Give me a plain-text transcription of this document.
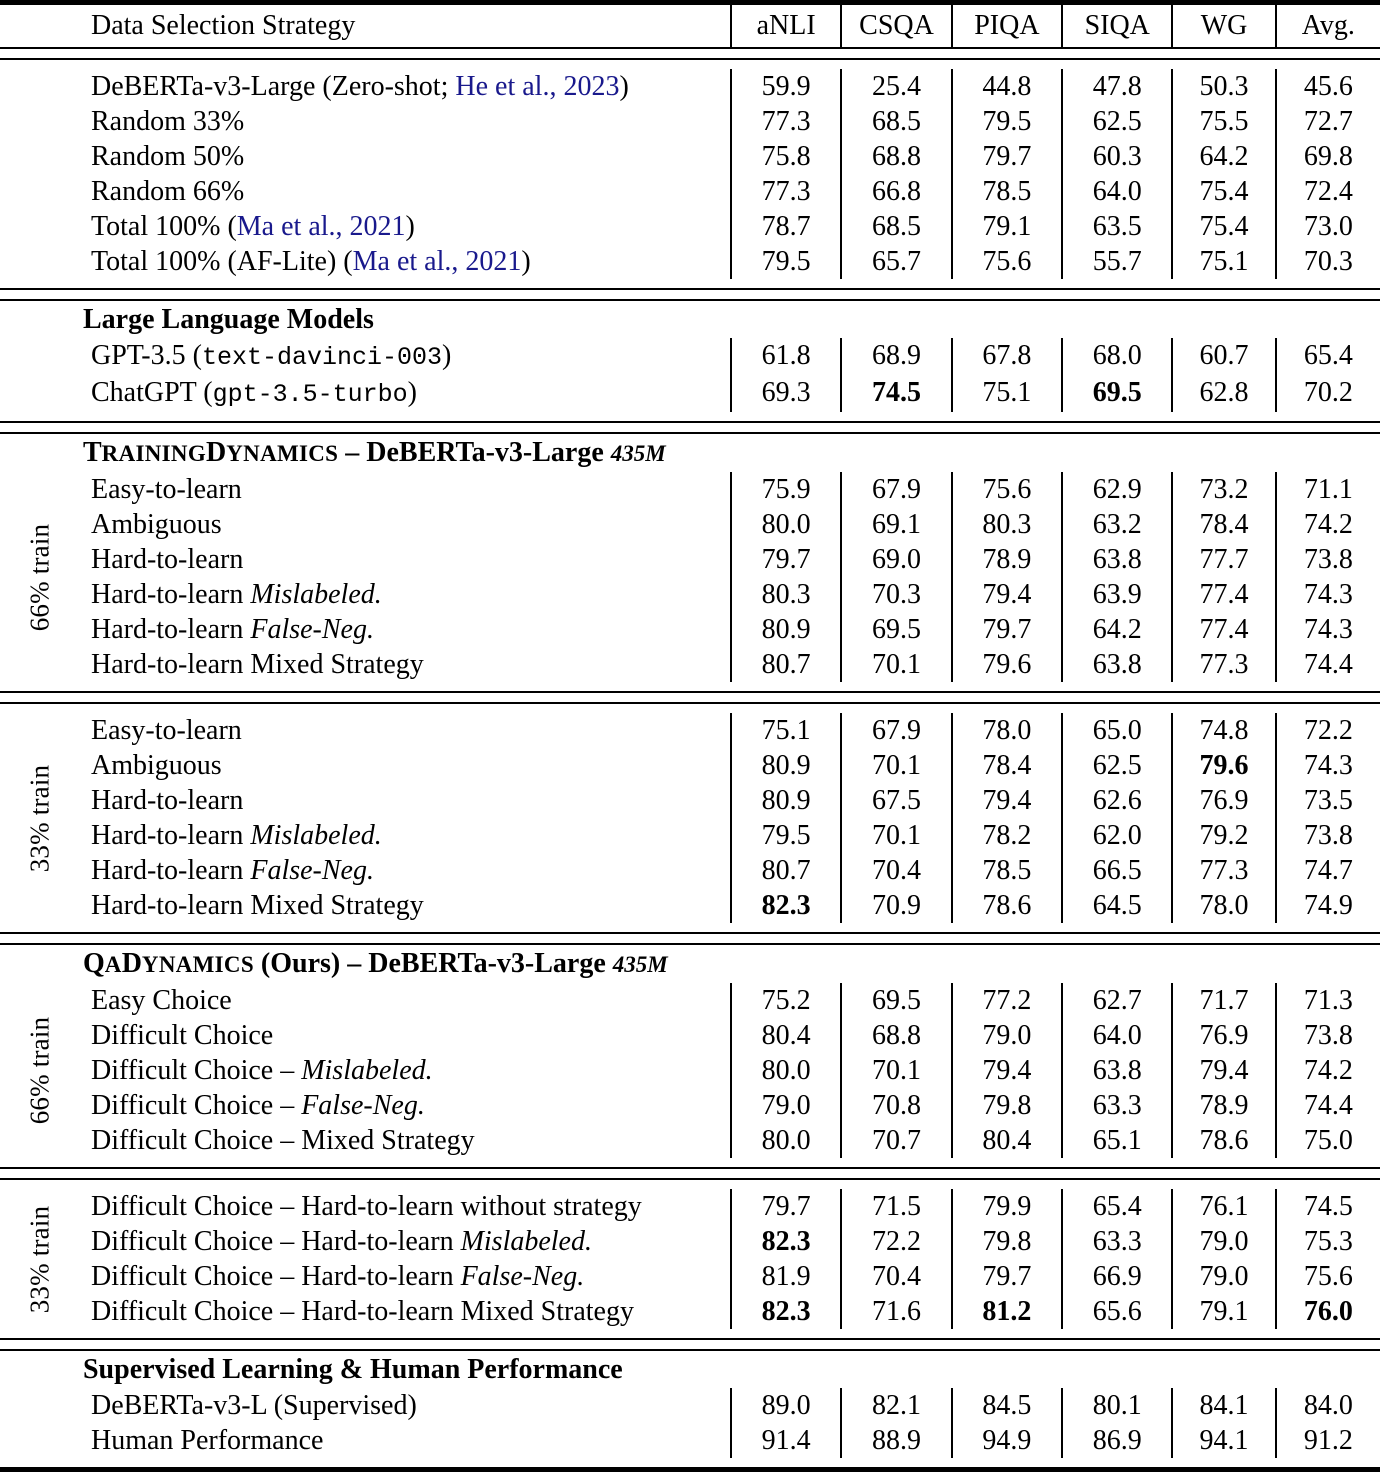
	Data Selection Strategy	aNLI	CSQA	PIQA	SIQA	WG	Avg.

	DeBERTa-v3-Large (Zero-shot; He et al., 2023)	59.9	25.4	44.8	47.8	50.3	45.6
	Random 33%	77.3	68.5	79.5	62.5	75.5	72.7
	Random 50%	75.8	68.8	79.7	60.3	64.2	69.8
	Random 66%	77.3	66.8	78.5	64.0	75.4	72.4
	Total 100% (Ma et al., 2021)	78.7	68.5	79.1	63.5	75.4	73.0
	Total 100% (AF-Lite) (Ma et al., 2021)	79.5	65.7	75.6	55.7	75.1	70.3

	Large Language Models						
	GPT-3.5 (text-davinci-003)	61.8	68.9	67.8	68.0	60.7	65.4
	ChatGPT (gpt-3.5-turbo)	69.3	74.5	75.1	69.5	62.8	70.2

	TRAININGDYNAMICS – DeBERTa-v3-Large 435M						

66% train	Easy-to-learn	75.9	67.9	75.6	62.9	73.2	71.1
	Ambiguous	80.0	69.1	80.3	63.2	78.4	74.2
	Hard-to-learn	79.7	69.0	78.9	63.8	77.7	73.8
	Hard-to-learn Mislabeled.	80.3	70.3	79.4	63.9	77.4	74.3
	Hard-to-learn False-Neg.	80.9	69.5	79.7	64.2	77.4	74.3
	Hard-to-learn Mixed Strategy	80.7	70.1	79.6	63.8	77.3	74.4

33% train	Easy-to-learn	75.1	67.9	78.0	65.0	74.8	72.2
	Ambiguous	80.9	70.1	78.4	62.5	79.6	74.3
	Hard-to-learn	80.9	67.5	79.4	62.6	76.9	73.5
	Hard-to-learn Mislabeled.	79.5	70.1	78.2	62.0	79.2	73.8
	Hard-to-learn False-Neg.	80.7	70.4	78.5	66.5	77.3	74.7
	Hard-to-learn Mixed Strategy	82.3	70.9	78.6	64.5	78.0	74.9

	QADYNAMICS (Ours) – DeBERTa-v3-Large 435M						

66% train	Easy Choice	75.2	69.5	77.2	62.7	71.7	71.3
	Difficult Choice	80.4	68.8	79.0	64.0	76.9	73.8
	Difficult Choice – Mislabeled.	80.0	70.1	79.4	63.8	79.4	74.2
	Difficult Choice – False-Neg.	79.0	70.8	79.8	63.3	78.9	74.4
	Difficult Choice – Mixed Strategy	80.0	70.7	80.4	65.1	78.6	75.0

33% train	Difficult Choice – Hard-to-learn without strategy	79.7	71.5	79.9	65.4	76.1	74.5
	Difficult Choice – Hard-to-learn Mislabeled.	82.3	72.2	79.8	63.3	79.0	75.3
	Difficult Choice – Hard-to-learn False-Neg.	81.9	70.4	79.7	66.9	79.0	75.6
	Difficult Choice – Hard-to-learn Mixed Strategy	82.3	71.6	81.2	65.6	79.1	76.0

	Supervised Learning & Human Performance						
	DeBERTa-v3-L (Supervised)	89.0	82.1	84.5	80.1	84.1	84.0
	Human Performance	91.4	88.9	94.9	86.9	94.1	91.2
